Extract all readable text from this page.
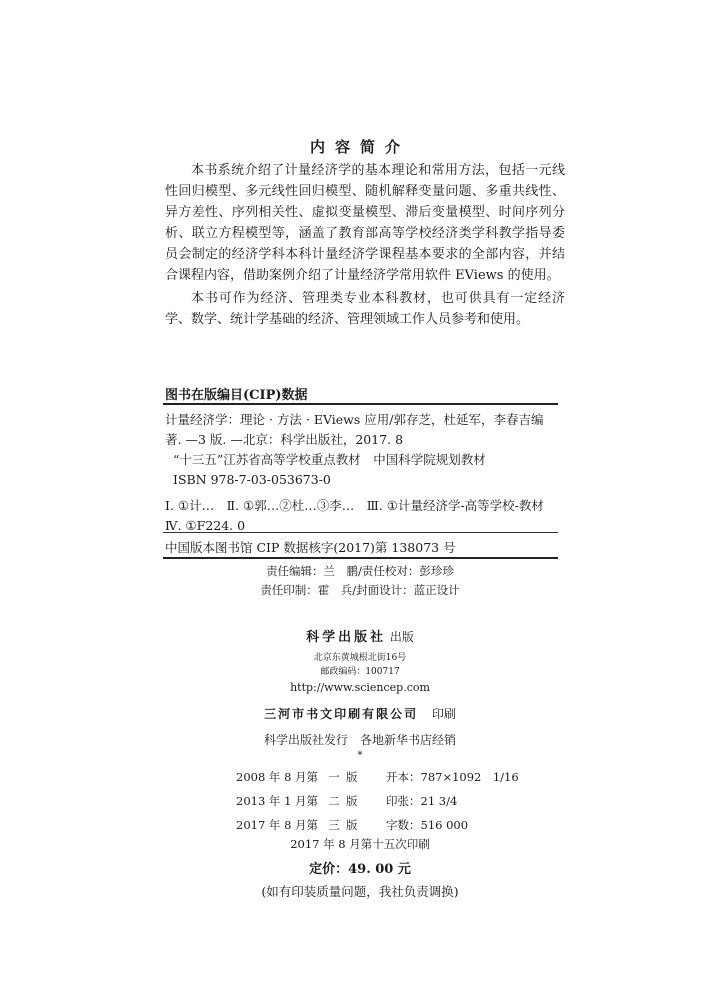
内容简介

本书系统介绍了计量经济学的基本理论和常用方法，包括一元线性回归模型、多元线性回归模型、随机解释变量问题、多重共线性、异方差性、序列相关性、虚拟变量模型、滞后变量模型、时间序列分析、联立方程模型等，涵盖了教育部高等学校经济类学科教学指导委员会制定的经济学科本科计量经济学课程基本要求的全部内容，并结合课程内容，借助案例介绍了计量经济学常用软件 EViews 的使用。

本书可作为经济、管理类专业本科教材，也可供具有一定经济学、数学、统计学基础的经济、管理领域工作人员参考和使用。

图书在版编目(CIP)数据
计量经济学：理论 · 方法 · EViews 应用/郭存芝，杜延军，李春吉编
著. —3 版. —北京：科学出版社，2017. 8
“十三五”江苏省高等学校重点教材　中国科学院规划教材
ISBN 978-7-03-053673-0
Ⅰ. ①计…　Ⅱ. ①郭…②杜…③李…　Ⅲ. ①计量经济学-高等学校-教材
Ⅳ. ①F224. 0
中国版本图书馆 CIP 数据核字(2017)第 138073 号
责任编辑：兰　鹏/责任校对：彭珍珍
责任印制：霍　兵/封面设计：蓝正设计
科学出版社 出版
北京东黄城根北街16号
邮政编码：100717
http://www.sciencep.com
三河市书文印刷有限公司 印刷
科学出版社发行　各地新华书店经销
*
2008 年 8 月第 一 版 开本：787×1092　1/16
2013 年 1 月第 二 版 印张：21 3/4
2017 年 8 月第 三 版 字数：516 000
2017 年 8 月第十五次印刷
定价：49. 00 元
(如有印装质量问题，我社负责调换)
